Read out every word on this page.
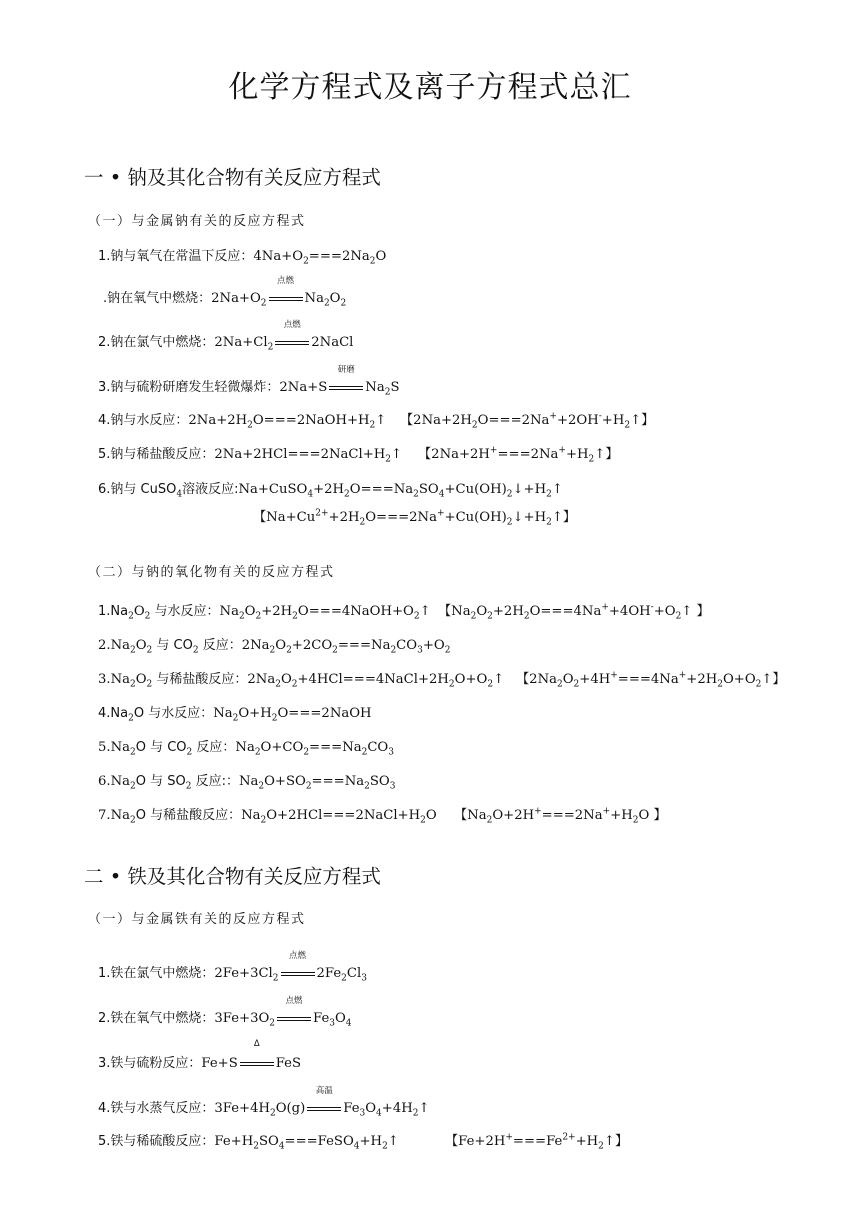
化学方程式及离子方程式总汇
一 • 钠及其化合物有关反应方程式
（一）与金属钠有关的反应方程式
1.钠与氧气在常温下反应：$4Na+O_2===2Na_2O$
.钠在氧气中燃烧：$2Na+O_2$
点燃
$Na_2O_2$
2.钠在氯气中燃烧：$2Na+Cl_2$
点燃
2NaCl
3.钠与硫粉研磨发生轻微爆炸：2Na+S
研磨
$Na_2S$
4.钠与水反应：$2Na+2H_2O===2NaOH+H_2↑$ 【$2Na+2H_2O===2Na^++2OH^-+H_2↑$】
5.钠与稀盐酸反应：$2Na+2HCl===2NaCl+H_2↑$ 【$2Na+2H^+===2Na^++H_2↑$】
6.钠与 CuSO$_4$溶液反应$:Na+CuSO_4+2H_2O===Na_2SO_4+Cu(OH)_2↓+H_2↑$
【$Na+Cu^{2+}+2H_2O===2Na^++Cu(OH)_2↓+H_2↑$】
（二）与钠的氧化物有关的反应方程式
$1.Na_2O_2$ 与水反应：$Na_2O_2+2H_2O===4NaOH+O_2↑$ 【$Na_2O_2+2H_2O===4Na^++4OH^-+O_2↑$ 】
$2.Na_2O_2$ 与 $CO_2$ 反应：$2Na_2O_2+2CO_2===Na_2CO_3+O_2$
$3.Na_2O_2$ 与稀盐酸反应：$2Na_2O_2+4HCl===4NaCl+2H_2O+O_2↑$ 【$2Na_2O_2+4H^+===4Na^++2H_2O+O_2↑$】
$4.Na_2O$ 与水反应：$Na_2O+H_2O===2NaOH$
$5.Na_2O$ 与 $CO_2$ 反应：$Na_2O+CO_2===Na_2CO_3$
$6.Na_2O$ 与 $SO_2$ 反应:：$Na_2O+SO_2===Na_2SO_3$
$7.Na_2O$ 与稀盐酸反应：$Na_2O+2HCl===2NaCl+H_2O$ 【$Na_2O+2H^+===2Na^++H_2O$ 】
二 • 铁及其化合物有关反应方程式
（一）与金属铁有关的反应方程式
1.铁在氯气中燃烧：$2Fe+3Cl_2$
点燃
$2Fe_2Cl_3$
2.铁在氧气中燃烧：$3Fe+3O_2$
点燃
$Fe_3O_4$
3.铁与硫粉反应：Fe+S
Δ
FeS
4.铁与水蒸气反应：$3Fe+4H_2O(g)$
高温
$Fe_3O_4+4H_2↑$
5.铁与稀硫酸反应：$Fe+H_2SO_4===FeSO_4+H_2↑$	【$Fe+2H^+===Fe^{2+}+H_2↑$】
